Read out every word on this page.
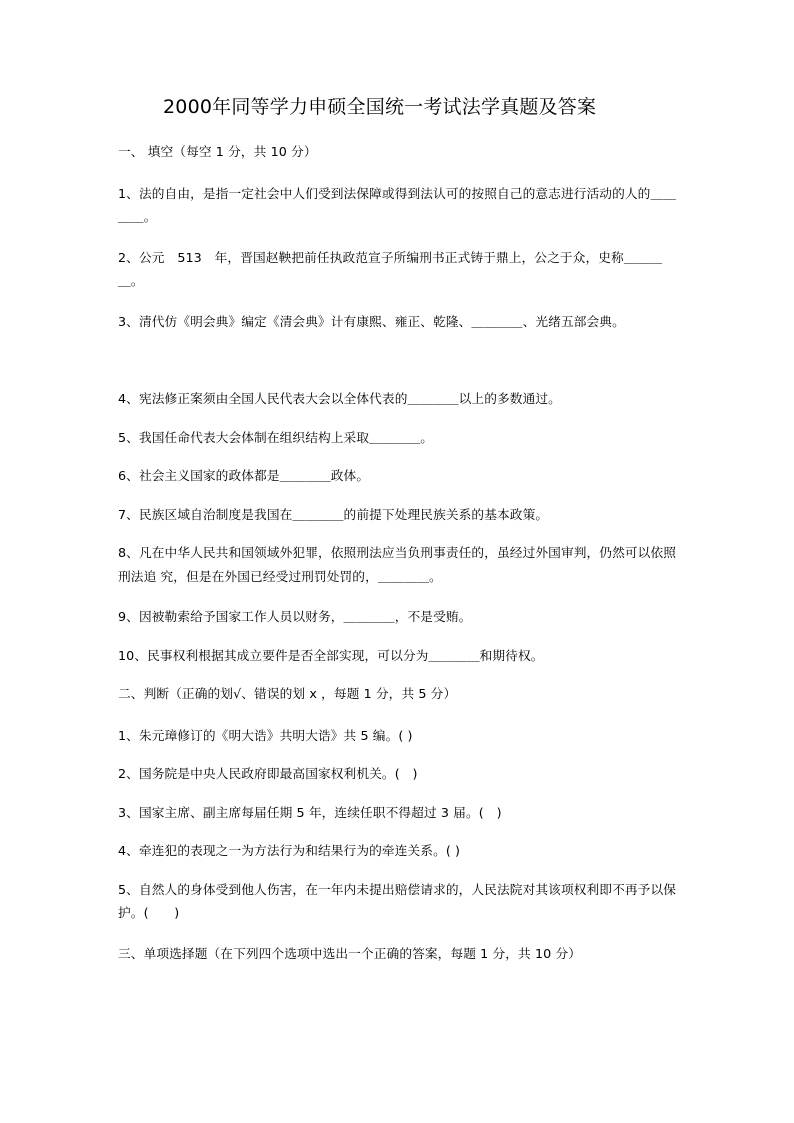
2000年同等学力申硕全国统一考试法学真题及答案

一、 填空（每空 1 分，共 10 分）

1、法的自由，是指一定社会中人们受到法保障或得到法认可的按照自己的意志进行活动的人的＿＿＿＿。

2、公元　513　年，晋国赵鞅把前任执政范宣子所编刑书正式铸于鼎上，公之于众，史称＿＿＿＿。

3、清代仿《明会典》编定《清会典》计有康熙、雍正、乾隆、＿＿＿＿、光绪五部会典。

4、宪法修正案须由全国人民代表大会以全体代表的＿＿＿＿以上的多数通过。

5、我国任命代表大会体制在组织结构上采取＿＿＿＿。

6、社会主义国家的政体都是＿＿＿＿政体。

7、民族区域自治制度是我国在＿＿＿＿的前提下处理民族关系的基本政策。

8、凡在中华人民共和国领域外犯罪，依照刑法应当负刑事责任的，虽经过外国审判，仍然可以依照刑法追 究，但是在外国已经受过刑罚处罚的，＿＿＿＿。

9、因被勒索给予国家工作人员以财务，＿＿＿＿，不是受贿。

10、民事权利根据其成立要件是否全部实现，可以分为＿＿＿＿和期待权。

二、判断（正确的划√、错误的划 x ，每题 1 分，共 5 分）

1、朱元璋修订的《明大诰》共明大诰》共 5 编。( )

2、国务院是中央人民政府即最高国家权利机关。(　)

3、国家主席、副主席每届任期 5 年，连续任职不得超过 3 届。(　)

4、牵连犯的表现之一为方法行为和结果行为的牵连关系。( )

5、自然人的身体受到他人伤害，在一年内未提出赔偿请求的，人民法院对其该项权利即不再予以保护。(　　)

三、单项选择题（在下列四个选项中选出一个正确的答案，每题 1 分，共 10 分）
